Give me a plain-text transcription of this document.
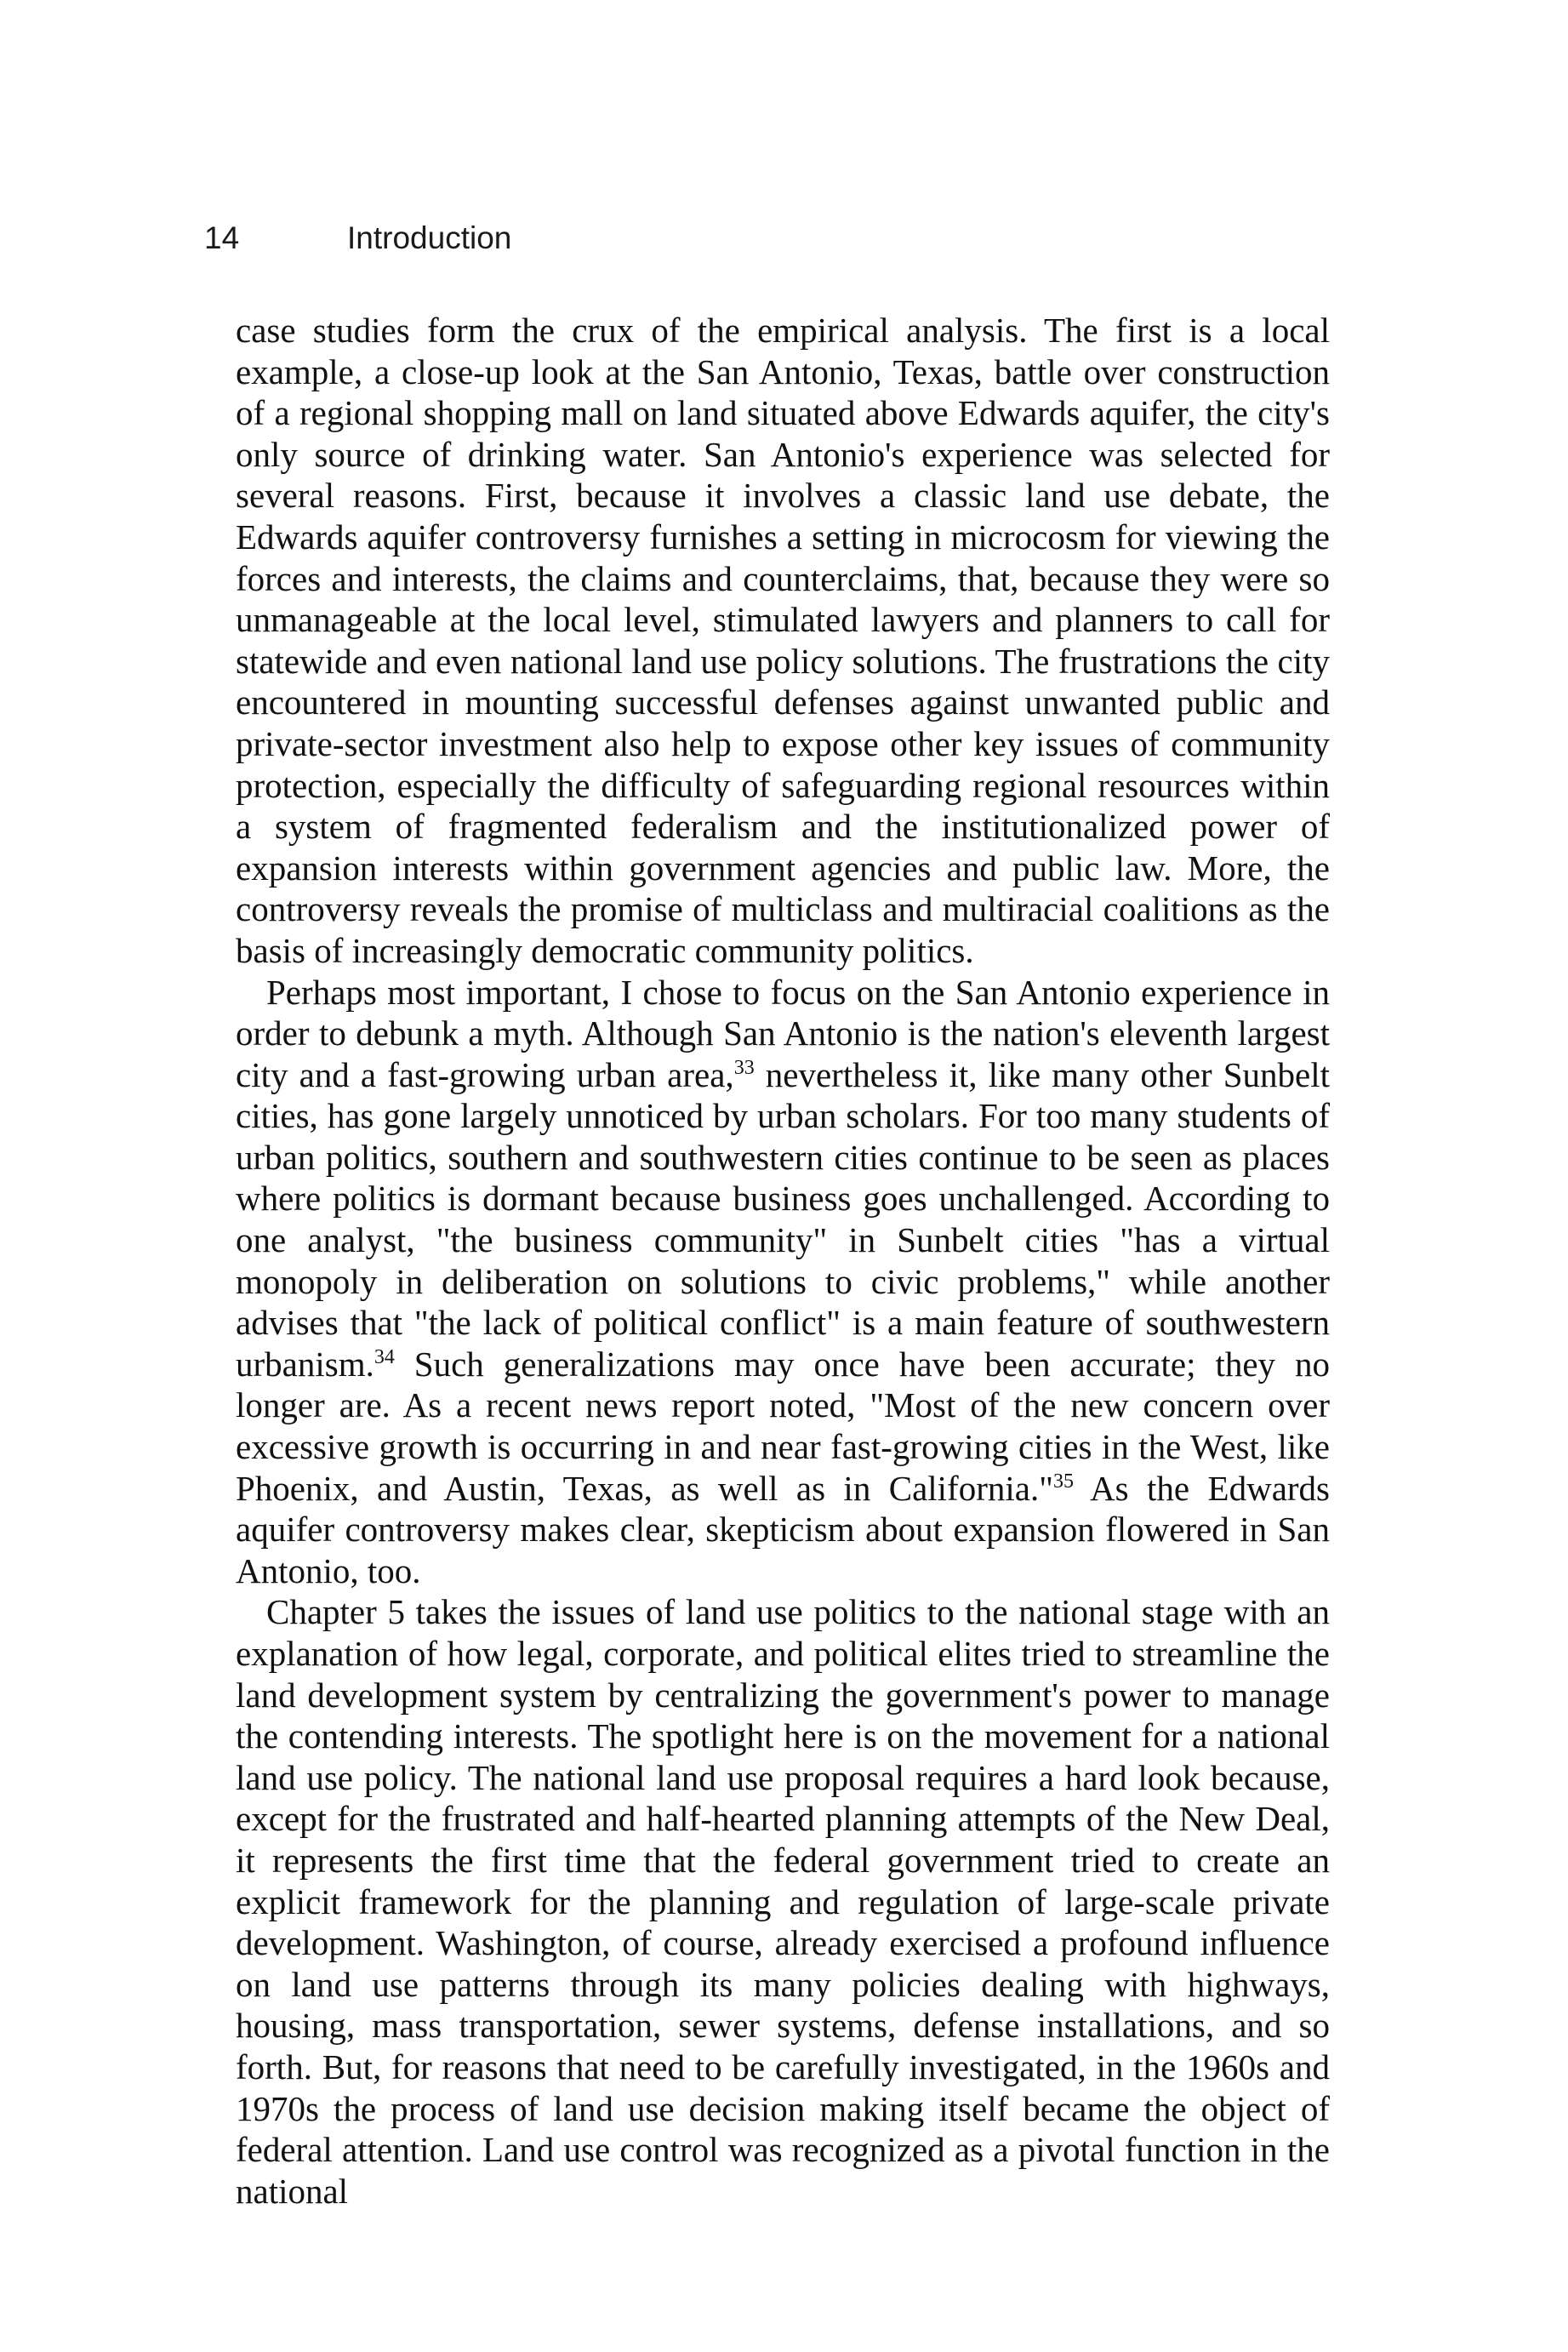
14	Introduction

case studies form the crux of the empirical analysis. The first is a local example, a close-up look at the San Antonio, Texas, battle over construction of a regional shopping mall on land situated above Edwards aquifer, the city's only source of drinking water. San Antonio's experience was selected for several reasons. First, because it involves a classic land use debate, the Edwards aquifer controversy furnishes a setting in microcosm for viewing the forces and interests, the claims and counterclaims, that, because they were so unmanageable at the local level, stimulated lawyers and planners to call for statewide and even national land use policy solutions. The frustrations the city encountered in mounting successful defenses against unwanted public and private-sector investment also help to expose other key issues of community protection, especially the difficulty of safeguarding regional resources within a system of fragmented federalism and the institutionalized power of expansion interests within government agencies and public law. More, the controversy reveals the promise of multiclass and multiracial coalitions as the basis of increasingly democratic community politics.

Perhaps most important, I chose to focus on the San Antonio experience in order to debunk a myth. Although San Antonio is the nation's eleventh largest city and a fast-growing urban area,$^{33}$ nevertheless it, like many other Sunbelt cities, has gone largely unnoticed by urban scholars. For too many students of urban politics, southern and southwestern cities continue to be seen as places where politics is dormant because business goes unchallenged. According to one analyst, "the business community" in Sunbelt cities "has a virtual monopoly in deliberation on solutions to civic problems," while another advises that "the lack of political conflict" is a main feature of southwestern urbanism.$^{34}$ Such generalizations may once have been accurate; they no longer are. As a recent news report noted, "Most of the new concern over excessive growth is occurring in and near fast-growing cities in the West, like Phoenix, and Austin, Texas, as well as in California."$^{35}$ As the Edwards aquifer controversy makes clear, skepticism about expansion flowered in San Antonio, too.

Chapter 5 takes the issues of land use politics to the national stage with an explanation of how legal, corporate, and political elites tried to streamline the land development system by centralizing the government's power to manage the contending interests. The spotlight here is on the movement for a national land use policy. The national land use proposal requires a hard look because, except for the frustrated and half-hearted planning attempts of the New Deal, it represents the first time that the federal government tried to create an explicit framework for the planning and regulation of large-scale private development. Washington, of course, already exercised a profound influence on land use patterns through its many policies dealing with highways, housing, mass transportation, sewer systems, defense installations, and so forth. But, for reasons that need to be carefully investigated, in the 1960s and 1970s the process of land use decision making itself became the object of federal attention. Land use control was recognized as a pivotal function in the national
